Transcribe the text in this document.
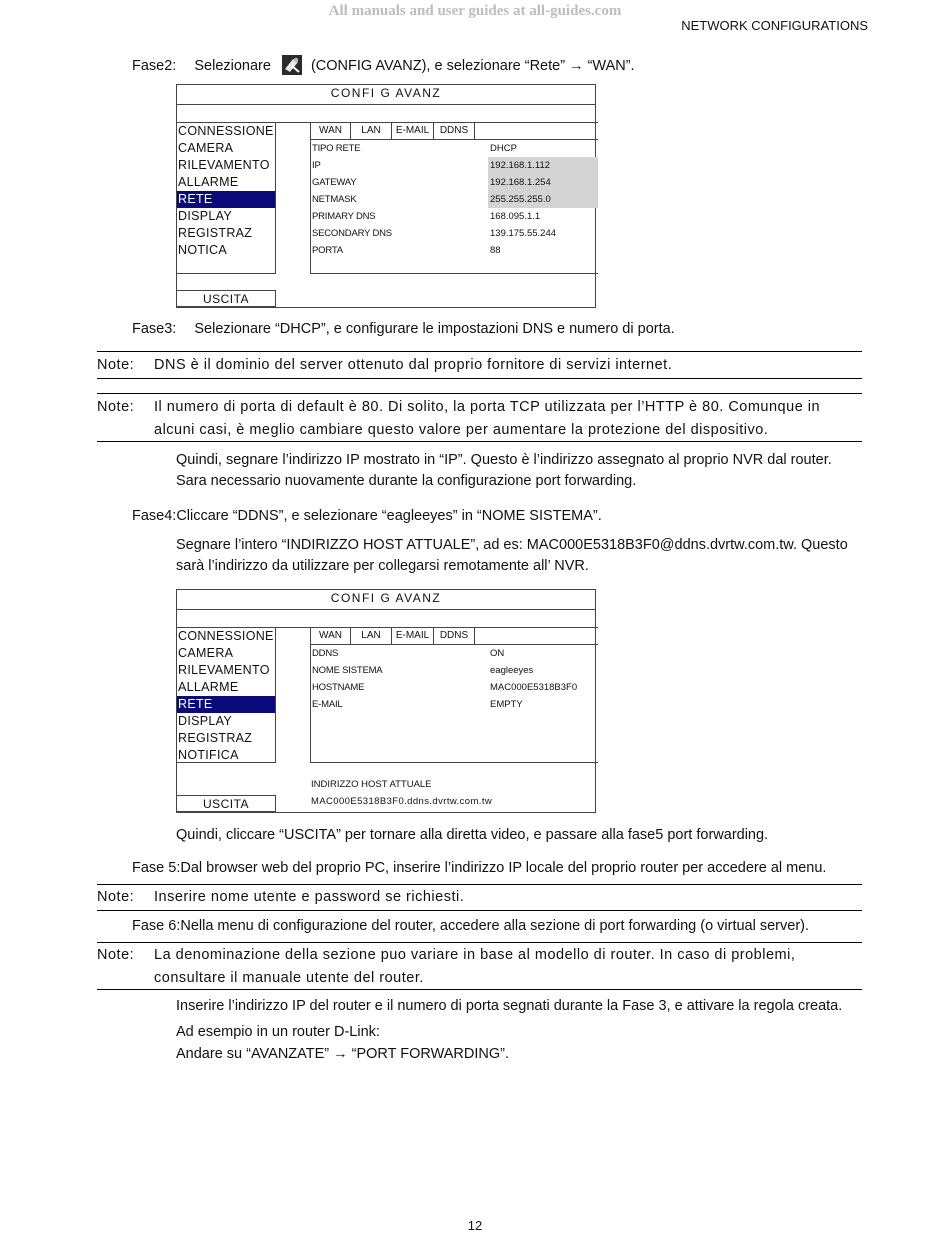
All manuals and user guides at all-guides.com
NETWORK CONFIGURATIONS
Fase2: Selezionare	(CONFIG AVANZ), e selezionare “Rete” → “WAN”.
CONFI G AVANZ
CONNESSIONE
CAMERA
RILEVAMENTO
ALLARME
RETE
DISPLAY
REGISTRAZ
NOTICA
WAN	LAN	E-MAIL	DDNS
TIPO RETE	DHCP
IP	192.168.1.112
GATEWAY	192.168.1.254
NETMASK	255.255.255.0
PRIMARY DNS	168.095.1.1
SECONDARY DNS	139.175.55.244
PORTA	88
USCITA
Fase3: Selezionare “DHCP”, e configurare le impostazioni DNS e numero di porta.
Note: DNS è il dominio del server ottenuto dal proprio fornitore di servizi internet.
Note: Il numero di porta di default è 80. Di solito, la porta TCP utilizzata per l’HTTP è 80. Comunque in alcuni casi, è meglio cambiare questo valore per aumentare la protezione del dispositivo.
Quindi, segnare l’indirizzo IP mostrato in “IP”. Questo è l’indirizzo assegnato al proprio NVR dal router. Sara necessario nuovamente durante la configurazione port forwarding.
Fase4:Cliccare “DDNS”, e selezionare “eagleeyes” in “NOME SISTEMA”.
Segnare l’intero “INDIRIZZO HOST ATTUALE”, ad es: MAC000E5318B3F0@ddns.dvrtw.com.tw. Questo sarà l’indirizzo da utilizzare per collegarsi remotamente all’ NVR.
CONFI G AVANZ
CONNESSIONE
CAMERA
RILEVAMENTO
ALLARME
RETE
DISPLAY
REGISTRAZ
NOTIFICA
WAN	LAN	E-MAIL	DDNS
DDNS	ON
NOME SISTEMA	eagleeyes
HOSTNAME	MAC000E5318B3F0
E-MAIL	EMPTY
INDIRIZZO HOST ATTUALE
MAC000E5318B3F0.ddns.dvrtw.com.tw
USCITA
Quindi, cliccare “USCITA” per tornare alla diretta video, e passare alla fase5 port forwarding.
Fase 5:Dal browser web del proprio PC, inserire l’indirizzo IP locale del proprio router per accedere al menu.
Note: Inserire nome utente e password se richiesti.
Fase 6:Nella menu di configurazione del router, accedere alla sezione di port forwarding (o virtual server).
Note: La denominazione della sezione puo variare in base al modello di router. In caso di problemi, consultare il manuale utente del router.
Inserire l’indirizzo IP del router e il numero di porta segnati durante la Fase 3, e attivare la regola creata.
Ad esempio in un router D-Link:
Andare su “AVANZATE” → “PORT FORWARDING”.
12
